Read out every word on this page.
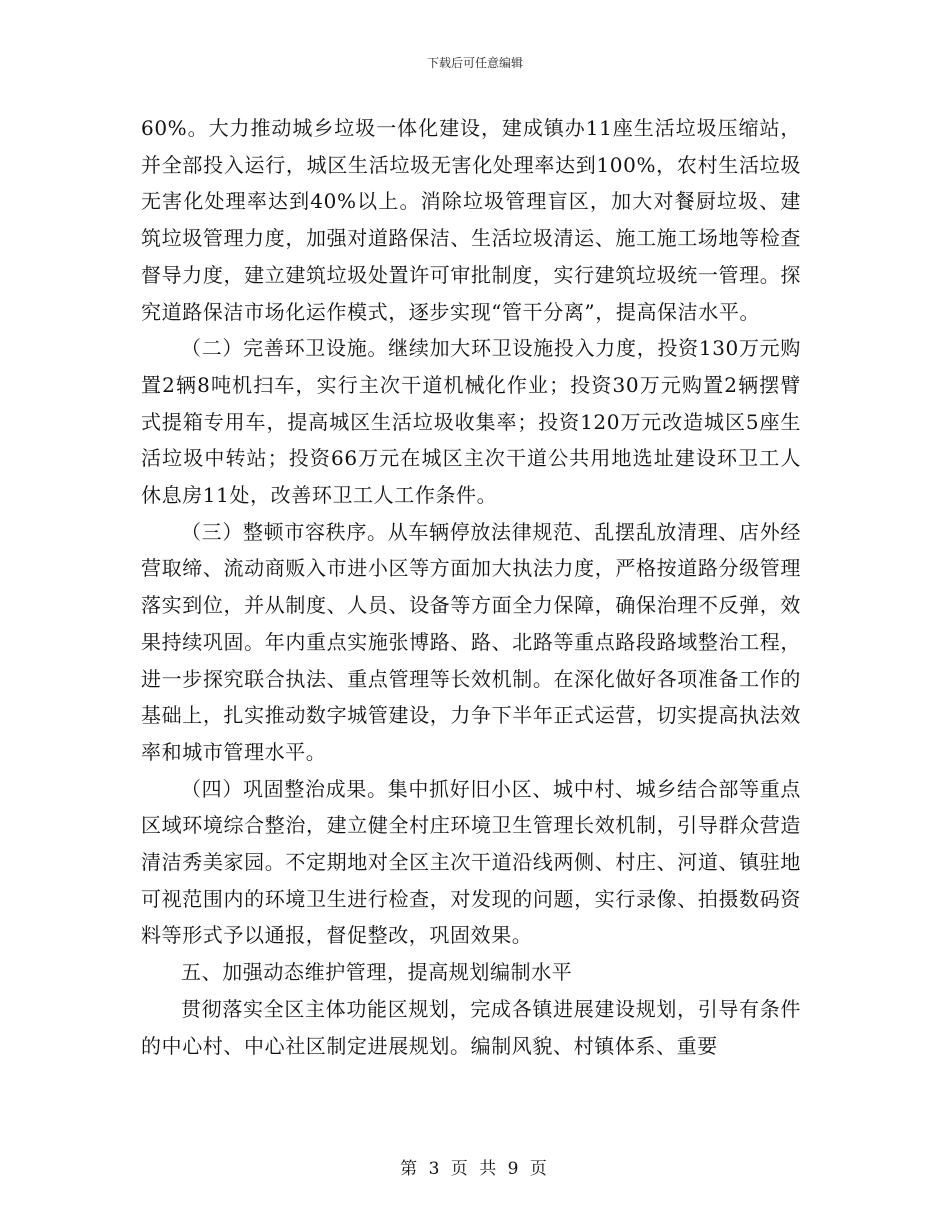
下载后可任意编辑

60%。大力推动城乡垃圾一体化建设，建成镇办11座生活垃圾压缩站，并全部投入运行，城区生活垃圾无害化处理率达到100%，农村生活垃圾无害化处理率达到40%以上。消除垃圾管理盲区，加大对餐厨垃圾、建筑垃圾管理力度，加强对道路保洁、生活垃圾清运、施工施工场地等检查督导力度，建立建筑垃圾处置许可审批制度，实行建筑垃圾统一管理。探究道路保洁市场化运作模式，逐步实现“管干分离”，提高保洁水平。

（二）完善环卫设施。继续加大环卫设施投入力度，投资130万元购置2辆8吨机扫车，实行主次干道机械化作业；投资30万元购置2辆摆臂式提箱专用车，提高城区生活垃圾收集率；投资120万元改造城区5座生活垃圾中转站；投资66万元在城区主次干道公共用地选址建设环卫工人休息房11处，改善环卫工人工作条件。

（三）整顿市容秩序。从车辆停放法律规范、乱摆乱放清理、店外经营取缔、流动商贩入市进小区等方面加大执法力度，严格按道路分级管理落实到位，并从制度、人员、设备等方面全力保障，确保治理不反弹，效果持续巩固。年内重点实施张博路、路、北路等重点路段路域整治工程，进一步探究联合执法、重点管理等长效机制。在深化做好各项准备工作的基础上，扎实推动数字城管建设，力争下半年正式运营，切实提高执法效率和城市管理水平。

（四）巩固整治成果。集中抓好旧小区、城中村、城乡结合部等重点区域环境综合整治，建立健全村庄环境卫生管理长效机制，引导群众营造清洁秀美家园。不定期地对全区主次干道沿线两侧、村庄、河道、镇驻地可视范围内的环境卫生进行检查，对发现的问题，实行录像、拍摄数码资料等形式予以通报，督促整改，巩固效果。

五、加强动态维护管理，提高规划编制水平

贯彻落实全区主体功能区规划，完成各镇进展建设规划，引导有条件的中心村、中心社区制定进展规划。编制风貌、村镇体系、重要

第 3 页 共 9 页
